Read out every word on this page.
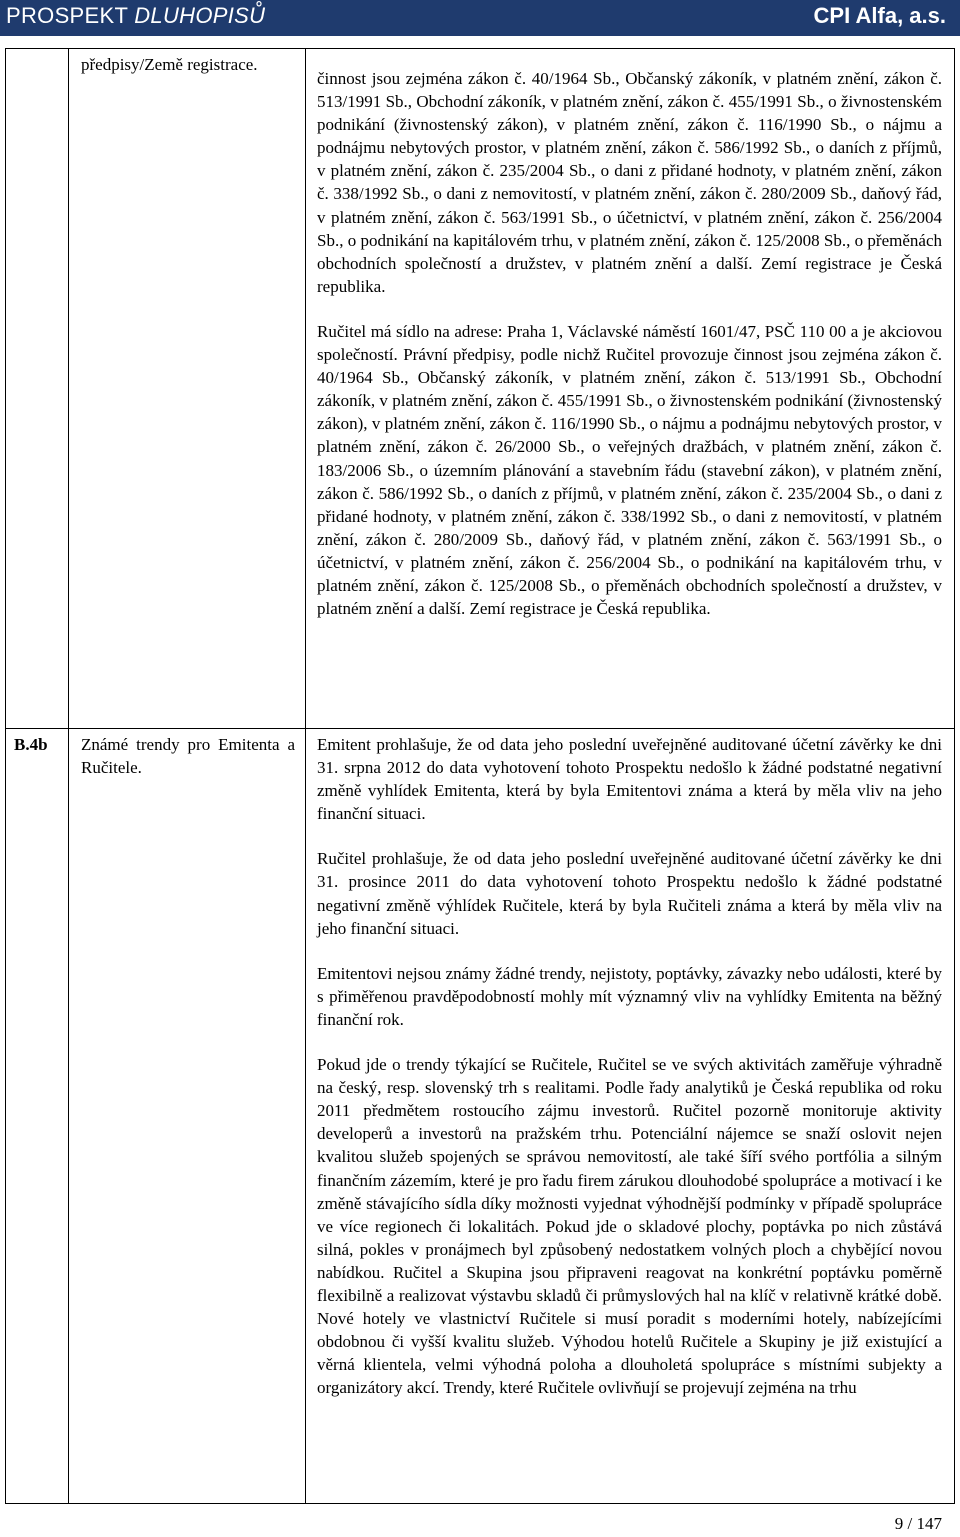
PROSPEKT DLUHOPISŮ	CPI Alfa, a.s.

	předpisy/Země registrace.	činnost jsou zejména zákon č. 40/1964 Sb., Občanský zákoník, v platném znění, zákon č. 513/1991 Sb., Obchodní zákoník, v platném znění, zákon č. 455/1991 Sb., o živnostenském podnikání (živnostenský zákon), v platném znění, zákon č. 116/1990 Sb., o nájmu a podnájmu nebytových prostor, v platném znění, zákon č. 586/1992 Sb., o daních z příjmů, v platném znění, zákon č. 235/2004 Sb., o dani z přidané hodnoty, v platném znění, zákon č. 338/1992 Sb., o dani z nemovitostí, v platném znění, zákon č. 280/2009 Sb., daňový řád, v platném znění, zákon č. 563/1991 Sb., o účetnictví, v platném znění, zákon č. 256/2004 Sb., o podnikání na kapitálovém trhu, v platném znění, zákon č. 125/2008 Sb., o přeměnách obchodních společností a družstev, v platném znění a další. Zemí registrace je Česká republika.

Ručitel má sídlo na adrese: Praha 1, Václavské náměstí 1601/47, PSČ 110 00 a je akciovou společností. Právní předpisy, podle nichž Ručitel provozuje činnost jsou zejména zákon č. 40/1964 Sb., Občanský zákoník, v platném znění, zákon č. 513/1991 Sb., Obchodní zákoník, v platném znění, zákon č. 455/1991 Sb., o živnostenském podnikání (živnostenský zákon), v platném znění, zákon č. 116/1990 Sb., o nájmu a podnájmu nebytových prostor, v platném znění, zákon č. 26/2000 Sb., o veřejných dražbách, v platném znění, zákon č. 183/2006 Sb., o územním plánování a stavebním řádu (stavební zákon), v platném znění, zákon č. 586/1992 Sb., o daních z příjmů, v platném znění, zákon č. 235/2004 Sb., o dani z přidané hodnoty, v platném znění, zákon č. 338/1992 Sb., o dani z nemovitostí, v platném znění, zákon č. 280/2009 Sb., daňový řád, v platném znění, zákon č. 563/1991 Sb., o účetnictví, v platném znění, zákon č. 256/2004 Sb., o podnikání na kapitálovém trhu, v platném znění, zákon č. 125/2008 Sb., o přeměnách obchodních společností a družstev, v platném znění a další. Zemí registrace je Česká republika.

B.4b	Známé trendy pro Emitenta a Ručitele.	Emitent prohlašuje, že od data jeho poslední uveřejněné auditované účetní závěrky ke dni 31. srpna 2012 do data vyhotovení tohoto Prospektu nedošlo k žádné podstatné negativní změně vyhlídek Emitenta, která by byla Emitentovi známa a která by měla vliv na jeho finanční situaci.

Ručitel prohlašuje, že od data jeho poslední uveřejněné auditované účetní závěrky ke dni 31. prosince 2011 do data vyhotovení tohoto Prospektu nedošlo k žádné podstatné negativní změně výhlídek Ručitele, která by byla Ručiteli známa a která by měla vliv na jeho finanční situaci.

Emitentovi nejsou známy žádné trendy, nejistoty, poptávky, závazky nebo události, které by s přiměřenou pravděpodobností mohly mít významný vliv na vyhlídky Emitenta na běžný finanční rok.

Pokud jde o trendy týkající se Ručitele, Ručitel se ve svých aktivitách zaměřuje výhradně na český, resp. slovenský trh s realitami. Podle řady analytiků je Česká republika od roku 2011 předmětem rostoucího zájmu investorů. Ručitel pozorně monitoruje aktivity developerů a investorů na pražském trhu. Potenciální nájemce se snaží oslovit nejen kvalitou služeb spojených se správou nemovitostí, ale také šíří svého portfólia a silným finančním zázemím, které je pro řadu firem zárukou dlouhodobé spolupráce a motivací i ke změně stávajícího sídla díky možnosti vyjednat výhodnější podmínky v případě spolupráce ve více regionech či lokalitách. Pokud jde o skladové plochy, poptávka po nich zůstává silná, pokles v pronájmech byl způsobený nedostatkem volných ploch a chybějící novou nabídkou. Ručitel a Skupina jsou připraveni reagovat na konkrétní poptávku poměrně flexibilně a realizovat výstavbu skladů či průmyslových hal na klíč v relativně krátké době. Nové hotely ve vlastnictví Ručitele si musí poradit s moderními hotely, nabízejícími obdobnou či vyšší kvalitu služeb. Výhodou hotelů Ručitele a Skupiny je již existující a věrná klientela, velmi výhodná poloha a dlouholetá spolupráce s místními subjekty a organizátory akcí. Trendy, které Ručitele ovlivňují se projevují zejména na trhu

9 / 147
